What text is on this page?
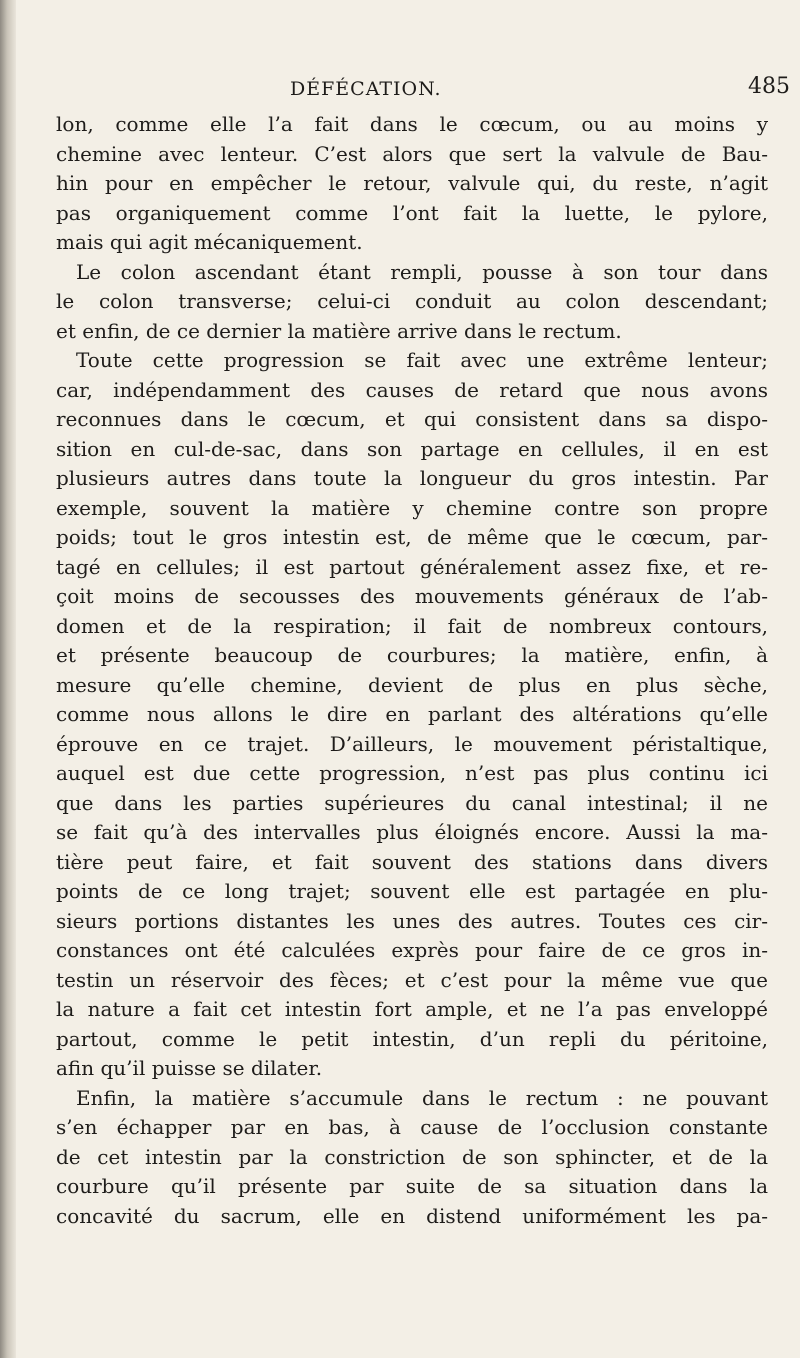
DÉFÉCATION.	485
lon, comme elle l’a fait dans le cœcum, ou au moins y
chemine avec lenteur. C’est alors que sert la valvule de Bau-
hin pour en empêcher le retour, valvule qui, du reste, n’agit
pas organiquement comme l’ont fait la luette, le pylore,
mais qui agit mécaniquement.
Le colon ascendant étant rempli, pousse à son tour dans
le colon transverse; celui-ci conduit au colon descendant;
et enfin, de ce dernier la matière arrive dans le rectum.
Toute cette progression se fait avec une extrême lenteur;
car, indépendamment des causes de retard que nous avons
reconnues dans le cœcum, et qui consistent dans sa dispo-
sition en cul-de-sac, dans son partage en cellules, il en est
plusieurs autres dans toute la longueur du gros intestin. Par
exemple, souvent la matière y chemine contre son propre
poids; tout le gros intestin est, de même que le cœcum, par-
tagé en cellules; il est partout généralement assez fixe, et re-
çoit moins de secousses des mouvements généraux de l’ab-
domen et de la respiration; il fait de nombreux contours,
et présente beaucoup de courbures; la matière, enfin, à
mesure qu’elle chemine, devient de plus en plus sèche,
comme nous allons le dire en parlant des altérations qu’elle
éprouve en ce trajet. D’ailleurs, le mouvement péristaltique,
auquel est due cette progression, n’est pas plus continu ici
que dans les parties supérieures du canal intestinal; il ne
se fait qu’à des intervalles plus éloignés encore. Aussi la ma-
tière peut faire, et fait souvent des stations dans divers
points de ce long trajet; souvent elle est partagée en plu-
sieurs portions distantes les unes des autres. Toutes ces cir-
constances ont été calculées exprès pour faire de ce gros in-
testin un réservoir des fèces; et c’est pour la même vue que
la nature a fait cet intestin fort ample, et ne l’a pas enveloppé
partout, comme le petit intestin, d’un repli du péritoine,
afin qu’il puisse se dilater.
Enfin, la matière s’accumule dans le rectum : ne pouvant
s’en échapper par en bas, à cause de l’occlusion constante
de cet intestin par la constriction de son sphincter, et de la
courbure qu’il présente par suite de sa situation dans la
concavité du sacrum, elle en distend uniformément les pa-
